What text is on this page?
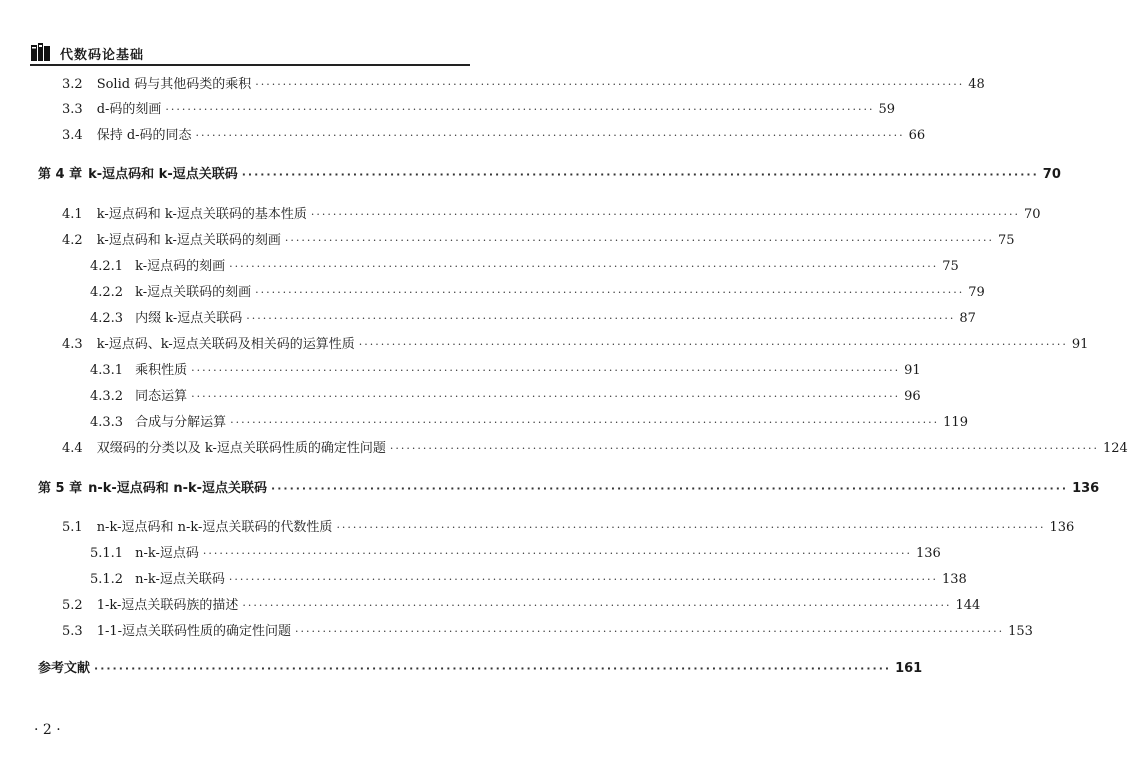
代数码论基础
3.2 Solid 码与其他码类的乘积 ································································································································· 48
3.3 d-码的刻画 ································································································································· 59
3.4 保持 d-码的同态 ································································································································· 66
第 4 章 k-逗点码和 k-逗点关联码 ································································································································· 70
4.1 k-逗点码和 k-逗点关联码的基本性质 ································································································································· 70
4.2 k-逗点码和 k-逗点关联码的刻画 ································································································································· 75
4.2.1 k-逗点码的刻画 ································································································································· 75
4.2.2 k-逗点关联码的刻画 ································································································································· 79
4.2.3 内缀 k-逗点关联码 ································································································································· 87
4.3 k-逗点码、k-逗点关联码及相关码的运算性质 ································································································································· 91
4.3.1 乘积性质 ································································································································· 91
4.3.2 同态运算 ································································································································· 96
4.3.3 合成与分解运算 ································································································································· 119
4.4 双缀码的分类以及 k-逗点关联码性质的确定性问题 ································································································································· 124
第 5 章 n-k-逗点码和 n-k-逗点关联码 ································································································································· 136
5.1 n-k-逗点码和 n-k-逗点关联码的代数性质 ································································································································· 136
5.1.1 n-k-逗点码 ································································································································· 136
5.1.2 n-k-逗点关联码 ································································································································· 138
5.2 1-k-逗点关联码族的描述 ································································································································· 144
5.3 1-1-逗点关联码性质的确定性问题 ································································································································· 153
参考文献 ································································································································· 161
· 2 ·
